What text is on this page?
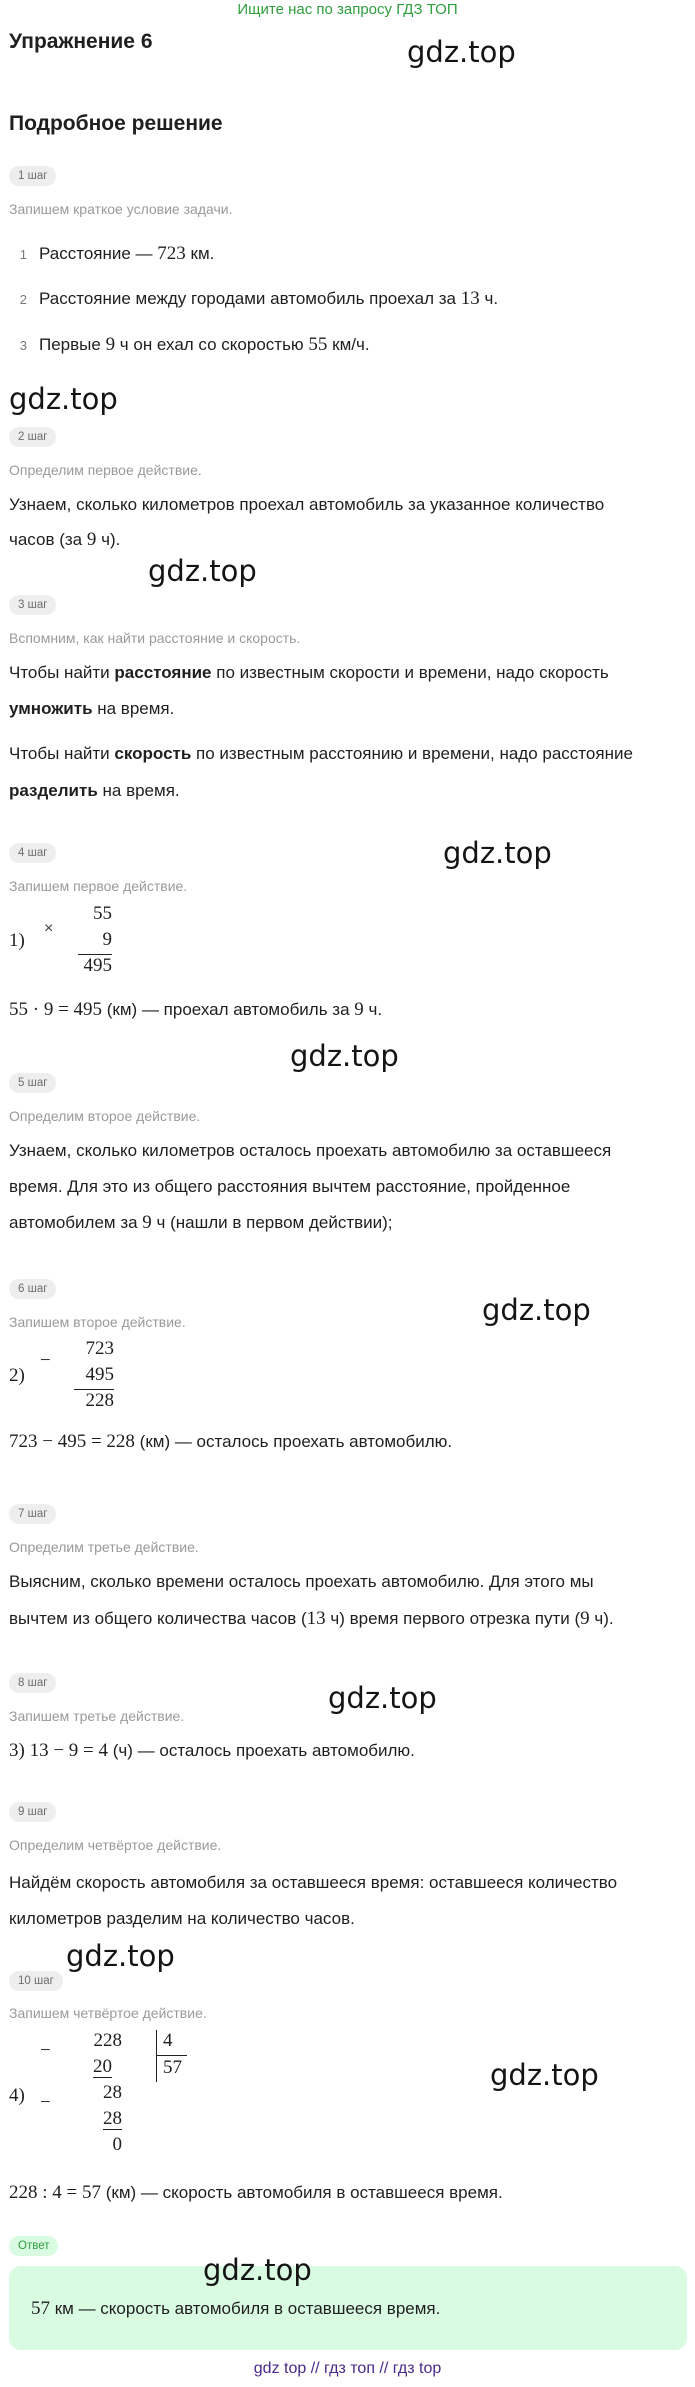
Ищите нас по запросу ГДЗ ТОП
Упражнение 6	gdz.top
Подробное решение
1 шаг
Запишем краткое условие задачи.
1 Расстояние — 723 км.
2 Расстояние между городами автомобиль проехал за 13 ч.
3 Первые 9 ч он ехал со скоростью 55 км/ч.
gdz.top
2 шаг
Определим первое действие.
Узнаем, сколько километров проехал автомобиль за указанное количество
часов (за 9 ч).
gdz.top
3 шаг
Вспомним, как найти расстояние и скорость.
Чтобы найти расстояние по известным скорости и времени, надо скорость
умножить на время.
Чтобы найти скорость по известным расстоянию и времени, надо расстояние
разделить на время.
4 шаг	gdz.top
Запишем первое действие.
1)
×
55
9
495
55 · 9 = 495 (км) — проехал автомобиль за 9 ч.
gdz.top
5 шаг
Определим второе действие.
Узнаем, сколько километров осталось проехать автомобилю за оставшееся
время. Для это из общего расстояния вычтем расстояние, пройденное
автомобилем за 9 ч (нашли в первом действии);
6 шаг
gdz.top
Запишем второе действие.
2)
−
723
495
228
723 − 495 = 228 (км) — осталось проехать автомобилю.
7 шаг
Определим третье действие.
Выясним, сколько времени осталось проехать автомобилю. Для этого мы
вычтем из общего количества часов (13 ч) время первого отрезка пути (9 ч).
8 шаг	gdz.top
Запишем третье действие.
3) 13 − 9 = 4 (ч) — осталось проехать автомобилю.
9 шаг
Определим четвёртое действие.
Найдём скорость автомобиля за оставшееся время: оставшееся количество
километров разделим на количество часов.
gdz.top
10 шаг
Запишем четвёртое действие.
4)
−
−
228
20
28
28
0
4
57	gdz.top
228 : 4 = 57 (км) — скорость автомобиля в оставшееся время.
Ответ
gdz.top
57 км — скорость автомобиля в оставшееся время.
gdz top // гдз топ // гдз top
